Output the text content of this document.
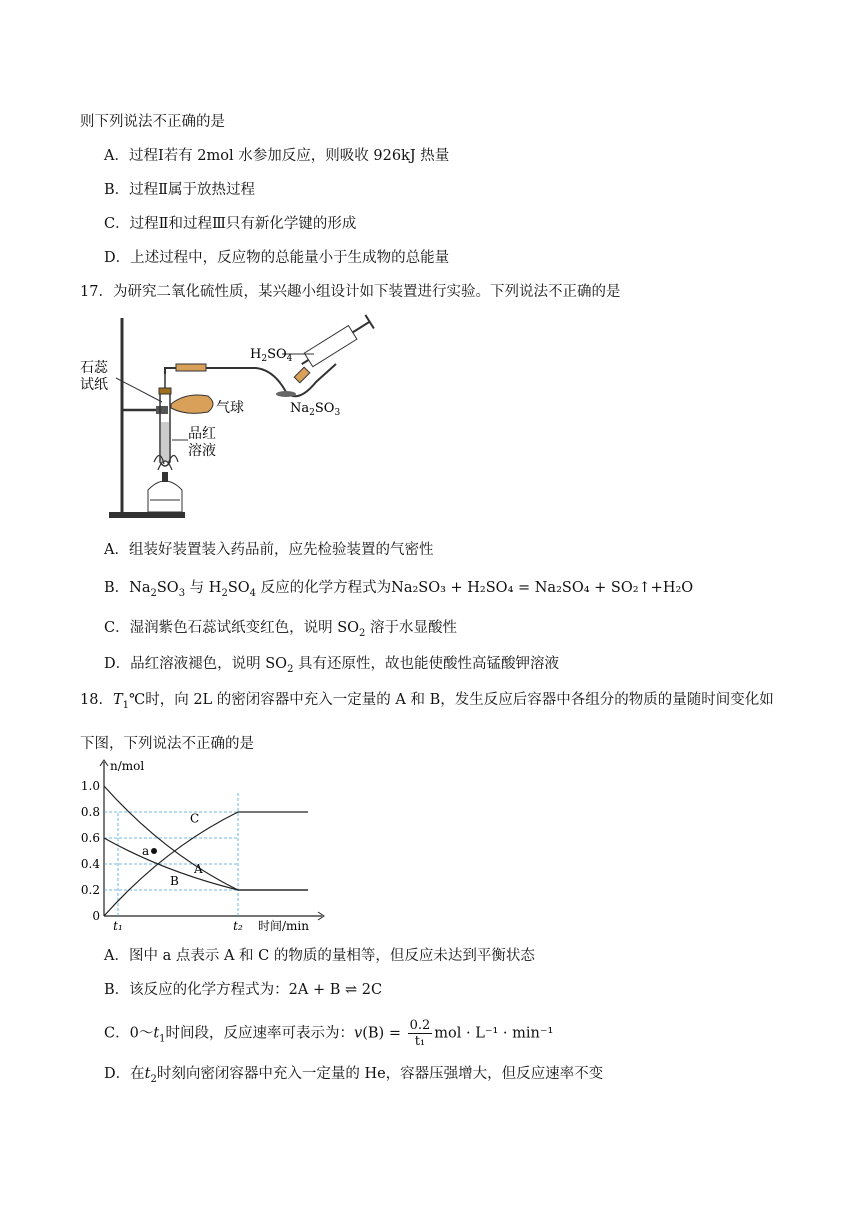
则下列说法不正确的是
A．过程Ⅰ若有 2mol 水参加反应，则吸收 926kJ 热量
B．过程Ⅱ属于放热过程
C．过程Ⅱ和过程Ⅲ只有新化学键的形成
D．上述过程中，反应物的总能量小于生成物的总能量
17．为研究二氧化硫性质，某兴趣小组设计如下装置进行实验。下列说法不正确的是
石蕊
试纸
气球
品红
溶液
$H_2SO_4$
$Na_2SO_3$
A．组装好装置装入药品前，应先检验装置的气密性
B．$Na_2SO_3$ 与 $H_2SO_4$ 反应的化学方程式为Na₂SO₃ + H₂SO₄ = Na₂SO₄ + SO₂↑+H₂O
C．湿润紫色石蕊试纸变红色，说明 $SO_2$ 溶于水显酸性
D．品红溶液褪色，说明 $SO_2$ 具有还原性，故也能使酸性高锰酸钾溶液
18．$T_1℃$时，向 2L 的密闭容器中充入一定量的 A 和 B，发生反应后容器中各组分的物质的量随时间变化如
下图，下列说法不正确的是
0
0.2
0.4
0.6
0.8
1.0
t₁	t₂
n/mol
时间/min
A
B
C
a
A．图中 a 点表示 A 和 C 的物质的量相等，但反应未达到平衡状态
B．该反应的化学方程式为：2A + B ⇌ 2C
C．$0\sim t_1$时间段，反应速率可表示为：$v(B) = \frac{0.2}{\text{t₁}}$ mol · L⁻¹ · min⁻¹
D．在$t_2$时刻向密闭容器中充入一定量的 He，容器压强增大，但反应速率不变
